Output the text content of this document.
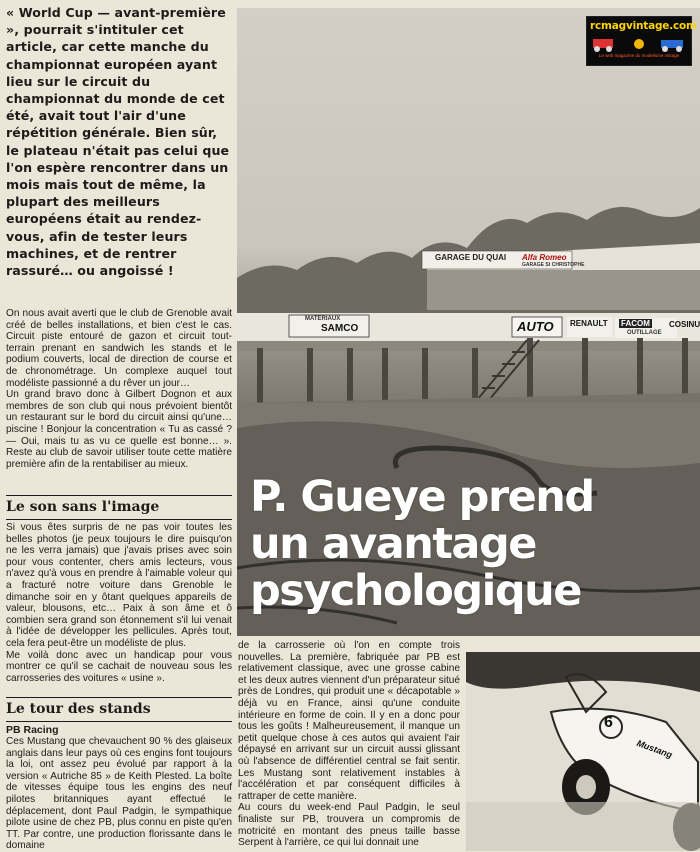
« World Cup — avant-première », pourrait s'intituler cet article, car cette manche du championnat européen ayant lieu sur le circuit du championnat du monde de cet été, avait tout l'air d'une répétition générale. Bien sûr, le plateau n'était pas celui que l'on espère rencontrer dans un mois mais tout de même, la plupart des meilleurs européens était au rendez-vous, afin de tester leurs machines, et de rentrer rassuré… ou angoissé !

On nous avait averti que le club de Grenoble avait créé de belles installations, et bien c'est le cas. Circuit piste entouré de gazon et circuit tout-terrain prenant en sandwich les stands et le podium couverts, local de direction de course et de chronométrage. Un complexe auquel tout modéliste passionné a du rêver un jour…

Un grand bravo donc à Gilbert Dognon et aux membres de son club qui nous prévoient bientôt un restaurant sur le bord du circuit ainsi qu'une… piscine ! Bonjour la concentration « Tu as cassé ? — Oui, mais tu as vu ce quelle est bonne… ». Reste au club de savoir utiliser toute cette matière première afin de la rentabiliser au mieux.

Le son sans l'image

Si vous êtes surpris de ne pas voir toutes les belles photos (je peux toujours le dire puisqu'on ne les verra jamais) que j'avais prises avec soin pour vous contenter, chers amis lecteurs, vous n'avez qu'à vous en prendre à l'aimable voleur qui a fracturé notre voiture dans Grenoble le dimanche soir en y ôtant quelques appareils de valeur, blousons, etc… Paix à son âme et ô combien sera grand son étonnement s'il lui venait à l'idée de développer les pellicules. Après tout, cela fera peut-être un modéliste de plus.

Me voilà donc avec un handicap pour vous montrer ce qu'il se cachait de nouveau sous les carrosseries des voitures « usine ».

Le tour des stands
PB Racing

Ces Mustang que chevauchent 90 % des glaiseux anglais dans leur pays où ces engins font toujours la loi, ont assez peu évolué par rapport à la version « Autriche 85 » de Keith Plested. La boîte de vitesses équipe tous les engins des neuf pilotes britanniques ayant effectué le déplacement, dont Paul Padgin, le sympathique pilote usine de chez PB, plus connu en piste qu'en TT. Par contre, une production florissante dans le domaine

de la carrosserie où l'on en compte trois nouvelles. La première, fabriquée par PB est relativement classique, avec une grosse cabine et les deux autres viennent d'un préparateur situé près de Londres, qui produit une « décapotable » déjà vu en France, ainsi qu'une conduite intérieure en forme de coin. Il y en a donc pour tous les goûts ! Malheureusement, il manque un petit quelque chose à ces autos qui avaient l'air dépaysé en arrivant sur un circuit aussi glissant où l'absence de différentiel central se fait sentir. Les Mustang sont relativement instables à l'accélération et par conséquent difficiles à rattraper de cette manière.

Au cours du week-end Paul Padgin, le seul finaliste sur PB, trouvera un compromis de motricité en montant des pneus taille basse Serpent à l'arrière, ce qui lui donnait une

GARAGE DU QUAI Alfa Romeo
GARAGE St CHRISTOPHE
MATERIAUX
SAMCO	AUTO RENAULT FACOM
OUTILLAGE
COSINU
P. Gueye prend
un avantage
psychologique
6
Mustang
rcmagvintage.com
Le web magazine du modelisme vintage
